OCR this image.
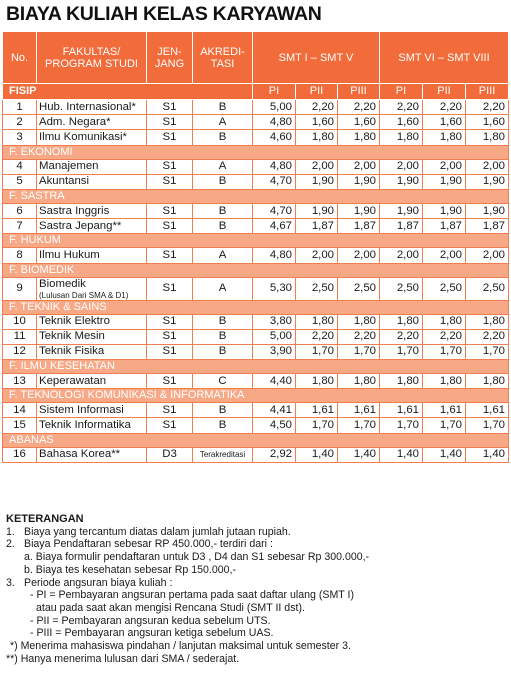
BIAYA KULIAH KELAS KARYAWAN
No.	FAKULTAS/ PROGRAM STUDI	JEN- JANG	AKREDI- TASI	SMT I – SMT V			SMT VI – SMT VIII		
FISIP				PI	PII	PIII	PI	PII	PIII
1	Hub. Internasional*	S1	B	5,00	2,20	2,20	2,20	2,20	2,20
2	Adm. Negara*	S1	A	4,80	1,60	1,60	1,60	1,60	1,60
3	Ilmu Komunikasi*	S1	B	4,60	1,80	1,80	1,80	1,80	1,80
F. EKONOMI									
4	Manajemen	S1	A	4,80	2,00	2,00	2,00	2,00	2,00
5	Akuntansi	S1	B	4,70	1,90	1,90	1,90	1,90	1,90
F. SASTRA									
6	Sastra Inggris	S1	B	4,70	1,90	1,90	1,90	1,90	1,90
7	Sastra Jepang**	S1	B	4,67	1,87	1,87	1,87	1,87	1,87
F. HUKUM									
8	Ilmu Hukum	S1	A	4,80	2,00	2,00	2,00	2,00	2,00
F. BIOMEDIK									
9	Biomedik
(Lulusan Dari SMA & D1)	S1	A	5,30	2,50	2,50	2,50	2,50	2,50
F. TEKNIK & SAINS									
10	Teknik Elektro	S1	B	3,80	1,80	1,80	1,80	1,80	1,80
11	Teknik Mesin	S1	B	5,00	2,20	2,20	2,20	2,20	2,20
12	Teknik Fisika	S1	B	3,90	1,70	1,70	1,70	1,70	1,70
F. ILMU KESEHATAN									
13	Keperawatan	S1	C	4,40	1,80	1,80	1,80	1,80	1,80
F. TEKNOLOGI KOMUNIKASI & INFORMATIKA									
14	Sistem Informasi	S1	B	4,41	1,61	1,61	1,61	1,61	1,61
15	Teknik Informatika	S1	B	4,50	1,70	1,70	1,70	1,70	1,70
ABANAS									
16	Bahasa Korea**	D3	Terakreditasi	2,92	1,40	1,40	1,40	1,40	1,40
KETERANGAN
1. Biaya yang tercantum diatas dalam jumlah jutaan rupiah.
2. Biaya Pendaftaran sebesar RP 450.000,- terdiri dari :
a. Biaya formulir pendaftaran untuk D3 , D4 dan S1 sebesar Rp 300.000,-
b. Biaya tes kesehatan sebesar Rp 150.000,-
3. Periode angsuran biaya kuliah :
- PI = Pembayaran angsuran pertama pada saat daftar ulang (SMT I)
atau pada saat akan mengisi Rencana Studi (SMT II dst).
- PII = Pembayaran angsuran kedua sebelum UTS.
- PIII = Pembayaran angsuran ketiga sebelum UAS.
*) Menerima mahasiswa pindahan / lanjutan maksimal untuk semester 3.
**) Hanya menerima lulusan dari SMA / sederajat.
